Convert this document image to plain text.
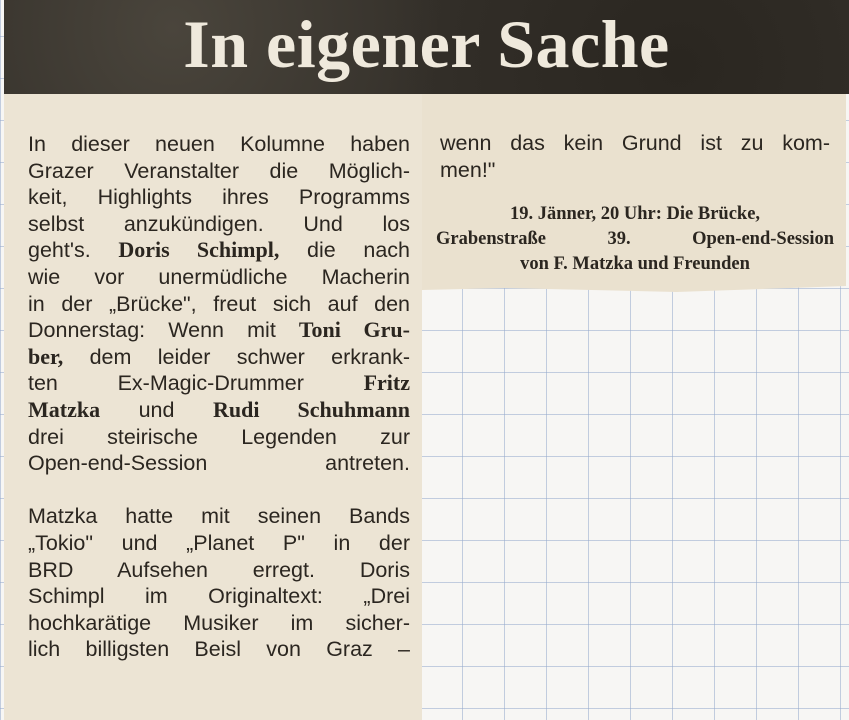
In eigener Sache

In dieser neuen Kolumne haben

Grazer Veranstalter die Möglich-

keit, Highlights ihres Programms

selbst anzukündigen. Und los

geht's. Doris Schimpl, die nach

wie vor unermüdliche Macherin

in der „Brücke", freut sich auf den

Donnerstag: Wenn mit Toni Gru-

ber, dem leider schwer erkrank-

ten Ex-Magic-Drummer Fritz

Matzka und Rudi Schuhmann

drei steirische Legenden zur

Open-end-Session antreten.

Matzka hatte mit seinen Bands

„Tokio" und „Planet P" in der

BRD Aufsehen erregt. Doris

Schimpl im Originaltext: „Drei

hochkarätige Musiker im sicher-

lich billigsten Beisl von Graz –

wenn das kein Grund ist zu kom-

men!"

19. Jänner, 20 Uhr: Die Brücke,
Grabenstraße 39. Open-end-Session
von F. Matzka und Freunden
